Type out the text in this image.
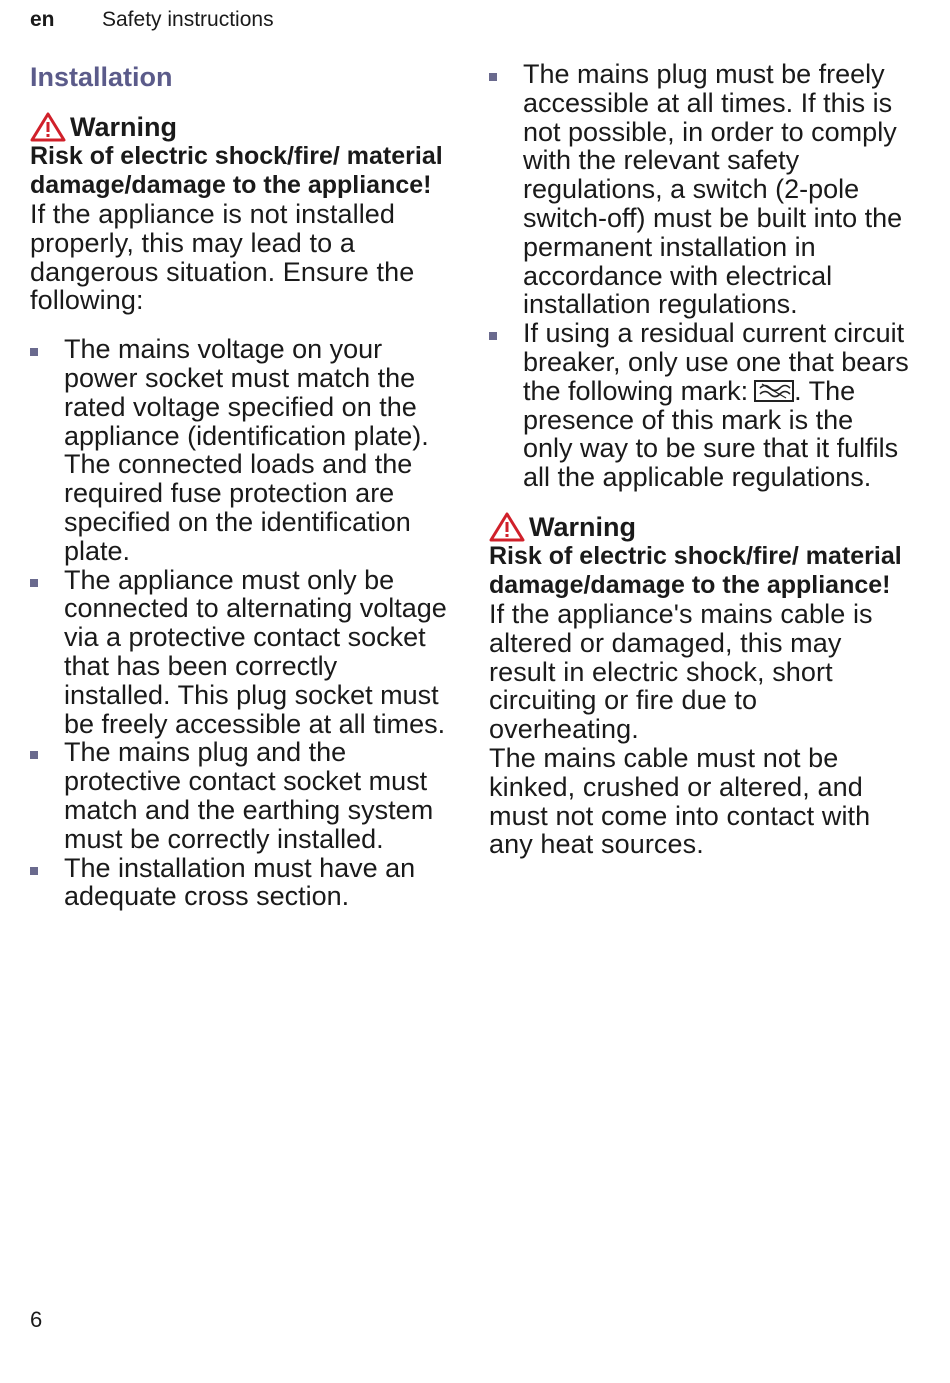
en Safety instructions
Installation
Warning
Risk of electric shock/fire/ material damage/damage to the appliance!
If the appliance is not installed properly, this may lead to a dangerous situation. Ensure the following:
The mains voltage on your power socket must match the rated voltage specified on the appliance (identification plate). The connected loads and the required fuse protection are specified on the identification plate.
The appliance must only be connected to alternating voltage via a protective contact socket that has been correctly installed. This plug socket must be freely accessible at all times.
The mains plug and the protective contact socket must match and the earthing system must be correctly installed.
The installation must have an adequate cross section.
The mains plug must be freely accessible at all times. If this is not possible, in order to comply with the relevant safety regulations, a switch (2-pole switch-off) must be built into the permanent installation in accordance with electrical installation regulations.
If using a residual current circuit breaker, only use one that bears the following mark: . The presence of this mark is the only way to be sure that it fulfils all the applicable regulations.
Warning
Risk of electric shock/fire/ material damage/damage to the appliance!
If the appliance's mains cable is altered or damaged, this may result in electric shock, short circuiting or fire due to overheating.
The mains cable must not be kinked, crushed or altered, and must not come into contact with any heat sources.
6
